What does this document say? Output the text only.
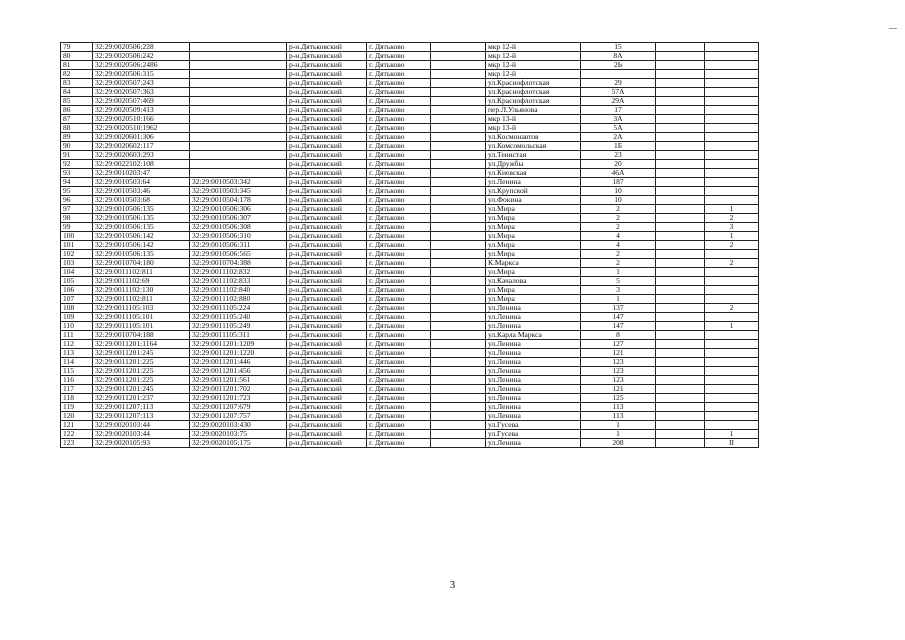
79	32:29:0020506:228		р-н.Дятьковский	г. Дятьково		мкр 12-й	15		
80	32:29:0020506:242		р-н.Дятьковский	г. Дятьково		мкр 12-й	8А		
81	32:29:0020506:2486		р-н.Дятьковский	г. Дятьково		мкр 12-й	2Ь		
82	32:29:0020506:315		р-н.Дятьковский	г. Дятьково		мкр 12-й			
83	32:29:0020507:243		р-н.Дятьковский	г. Дятьково		ул.Краснофлотская	29		
84	32:29:0020507:363		р-н.Дятьковский	г. Дятьково		ул.Краснофлотская	57А		
85	32:29:0020507:469		р-н.Дятьковский	г. Дятьково		ул.Краснофлотская	29А		
86	32:29:0020509:413		р-н.Дятьковский	г. Дятьково		пер.Л.Ульянова	17		
87	32:29:0020510:166		р-н.Дятьковский	г. Дятьково		мкр 13-й	3А		
88	32:29:0020510:1962		р-н.Дятьковский	г. Дятьково		мкр 13-й	5А		
89	32:29:0020601:306		р-н.Дятьковский	г. Дятьково		ул.Космонавтов	2А		
90	32:29:0020602:117		р-н.Дятьковский	г. Дятьково		ул.Комсомольская	1Б		
91	32:29:0020603:293		р-н.Дятьковский	г. Дятьково		ул.Тенистая	23		
92	32:29:0022102:108		р-н.Дятьковский	г. Дятьково		ул.Дружбы	20		
93	32:29:0010203:47		р-н.Дятьковский	г. Дятьково		ул.Киевская	46А		
94	32:29:0010503:64	32:29:0010503:342	р-н.Дятьковский	г. Дятьково		ул.Ленина	187		
95	32:29:0010503:46	32:29:0010503:345	р-н.Дятьковский	г. Дятьково		ул.Крупской	10		
96	32:29:0010503:68	32:29:0010504:178	р-н.Дятьковский	г. Дятьково		ул.Фокина	10		
97	32:29:0010506:135	32:29:0010506:306	р-н.Дятьковский	г. Дятьково		ул.Мира	2		1
98	32:29:0010506:135	32:29:0010506:307	р-н.Дятьковский	г. Дятьково		ул.Мира	2		2
99	32:29:0010506:135	32:29:0010506:308	р-н.Дятьковский	г. Дятьково		ул.Мира	2		3
100	32:29:0010506:142	32:29:0010506:310	р-н.Дятьковский	г. Дятьково		ул.Мира	4		1
101	32:29:0010506:142	32:29:0010506:311	р-н.Дятьковский	г. Дятьково		ул.Мира	4		2
102	32:29:0010506:135	32:29:0010506:565	р-н.Дятьковский	г. Дятьково		ул.Мира	2		
103	32:29:0010704:180	32:29:0010704:388	р-н.Дятьковский	г. Дятьково		К.Маркса	2		2
104	32:29:0011102:811	32:29:0011102:832	р-н.Дятьковский	г. Дятьково		ул.Мира	1		
105	32:29:0011102:69	32:29:0011102:833	р-н.Дятьковский	г. Дятьково		ул.Качалова	5		
106	32:29:0011102:130	32:29:0011102:840	р-н.Дятьковский	г. Дятьково		ул.Мира	3		
107	32:29:0011102:811	32:29:0011102:880	р-н.Дятьковский	г. Дятьково		ул.Мира	1		
108	32:29:0011105:103	32:29:0011105:224	р-н.Дятьковский	г. Дятьково		ул.Ленина	137		2
109	32:29:0011105:101	32:29:0011105:240	р-н.Дятьковский	г. Дятьково		ул.Ленина	147		
110	32:29:0011105:101	32:29:0011105:249	р-н.Дятьковский	г. Дятьково		ул.Ленина	147		1
111	32:29:0010704:188	32:29:0011105:311	р-н.Дятьковский	г. Дятьково		ул.Карла Маркса	8		
112	32:29:0011201:1164	32:29:0011201:1209	р-н.Дятьковский	г. Дятьково		ул.Ленина	127		
113	32:29:0011201:245	32:29:0011201:1220	р-н.Дятьковский	г. Дятьково		ул.Ленина	121		
114	32:29:0011201:225	32:29:0011201:446	р-н.Дятьковский	г. Дятьково		ул.Ленина	123		
115	32:29:0011201:225	32:29:0011201:456	р-н.Дятьковский	г. Дятьково		ул.Ленина	123		
116	32:29:0011201:225	32:29:0011201:561	р-н.Дятьковский	г. Дятьково		ул.Ленина	123		
117	32:29:0011201:245	32:29:0011201:702	р-н.Дятьковский	г. Дятьково		ул.Ленина	121		
118	32:29:0011201:237	32:29:0011201:723	р-н.Дятьковский	г. Дятьково		ул.Ленина	125		
119	32:29:0011207:113	32:29:0011207:679	р-н.Дятьковский	г. Дятьково		ул.Ленина	113		
120	32:29:0011207:113	32:29:0011207:757	р-н.Дятьковский	г. Дятьково		ул.Ленина	113		
121	32:29:0020103:44	32:29:0020103:430	р-н.Дятьковский	г. Дятьково		ул.Гусева	1		
122	32:29:0020103:44	32:29:0020103:75	р-н.Дятьковский	г. Дятьково		ул.Гусева	1		1
123	32:29:0020105:93	32:29:0020105:175	р-н.Дятьковский	г. Дятьково		ул.Ленина	208		II
3
